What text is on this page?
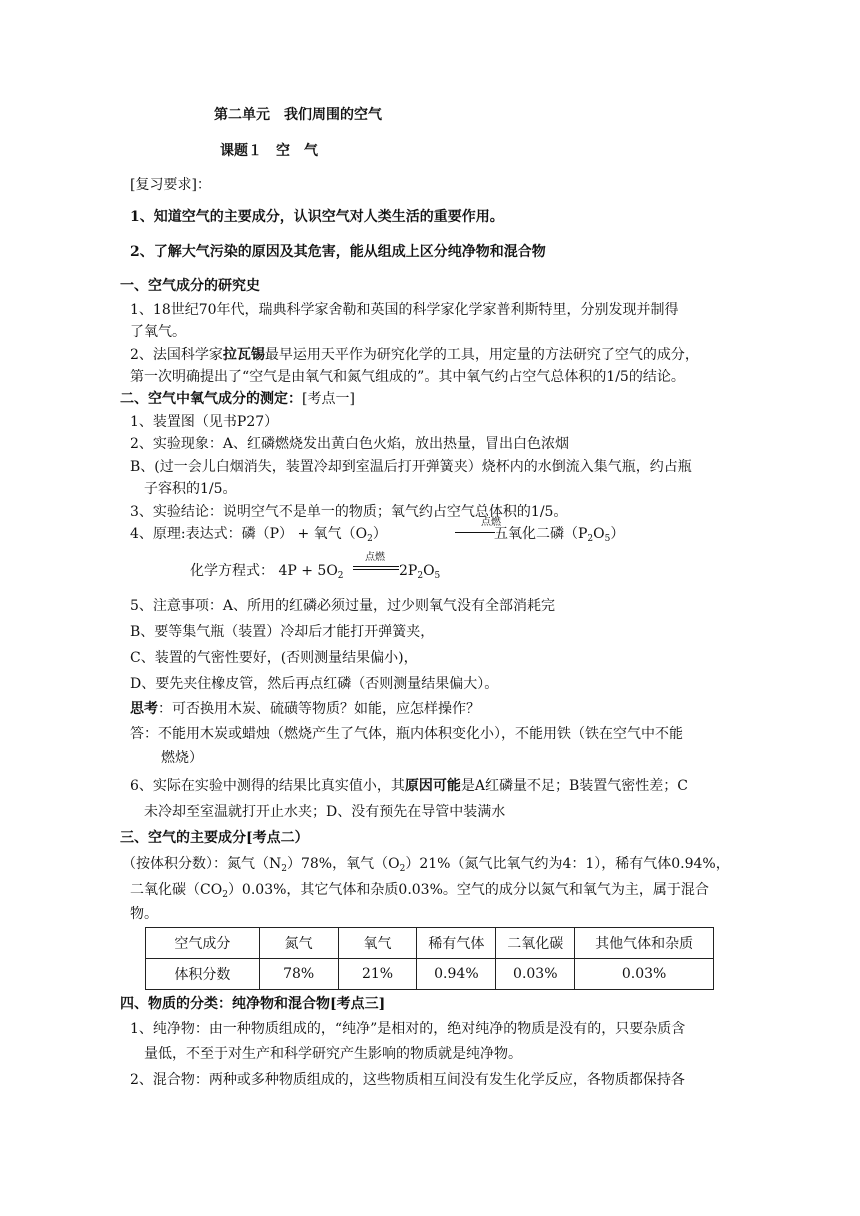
第二单元　我们周围的空气
课题１　空　气
[复习要求]：
1、知道空气的主要成分，认识空气对人类生活的重要作用。
2、了解大气污染的原因及其危害，能从组成上区分纯净物和混合物
一、空气成分的研究史
1、18世纪70年代，瑞典科学家舍勒和英国的科学家化学家普利斯特里，分别发现并制得
了氧气。
2、法国科学家拉瓦锡最早运用天平作为研究化学的工具，用定量的方法研究了空气的成分，
第一次明确提出了“空气是由氧气和氮气组成的”。其中氧气约占空气总体积的1/5的结论。
二、空气中氧气成分的测定：[考点一]
1、装置图（见书P27）
2、实验现象：A、红磷燃烧发出黄白色火焰，放出热量，冒出白色浓烟
B、(过一会儿白烟消失，装置冷却到室温后打开弹簧夹）烧杯内的水倒流入集气瓶，约占瓶
子容积的1/5。
3、实验结论：说明空气不是单一的物质；氧气约占空气总体积的1/5。
4、原理:表达式：磷（P） + 氧气$(O_2)$
点燃
五氧化二磷$(P_2O_5)$
化学方程式： $4P + 5O_2$
点燃
$2P_2O_5$
5、注意事项：A、所用的红磷必须过量，过少则氧气没有全部消耗完
B、要等集气瓶（装置）冷却后才能打开弹簧夹，
C、装置的气密性要好，(否则测量结果偏小)，
D、要先夹住橡皮管，然后再点红磷（否则测量结果偏大）。
思考：可否换用木炭、硫磺等物质？如能，应怎样操作？
答：不能用木炭或蜡烛（燃烧产生了气体，瓶内体积变化小），不能用铁（铁在空气中不能
燃烧）
6、实际在实验中测得的结果比真实值小，其原因可能是A红磷量不足；B装置气密性差；C
未冷却至室温就打开止水夹；D、没有预先在导管中装满水
三、空气的主要成分[考点二）
（按体积分数）：氮气$(N_2)78\%$，氧气$(O_2)21\%$（氮气比氧气约为4：1），稀有气体0.94%，
二氧化碳$(CO_2)0.03\%$，其它气体和杂质0.03%。空气的成分以氮气和氧气为主，属于混合
物。
空气成分	氮气	氧气	稀有气体	二氧化碳	其他气体和杂质
体积分数	78%	21%	0.94%	0.03%	0.03%
四、物质的分类：纯净物和混合物[考点三]
1、纯净物：由一种物质组成的，“纯净”是相对的，绝对纯净的物质是没有的，只要杂质含
量低，不至于对生产和科学研究产生影响的物质就是纯净物。
2、混合物：两种或多种物质组成的，这些物质相互间没有发生化学反应，各物质都保持各
